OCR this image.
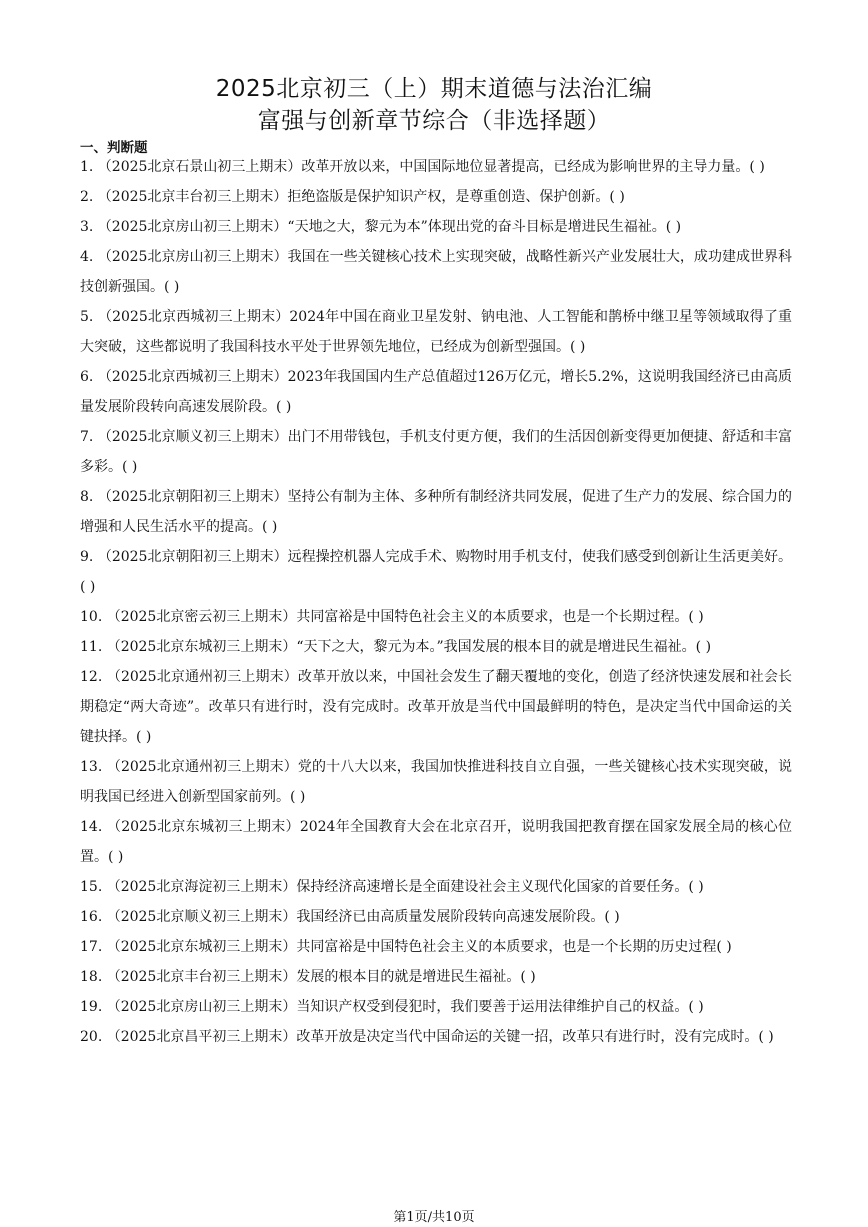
2025北京初三（上）期末道德与法治汇编
富强与创新章节综合（非选择题）
一、判断题
1. （2025北京石景山初三上期末）改革开放以来，中国国际地位显著提高，已经成为影响世界的主导力量。( )
2. （2025北京丰台初三上期末）拒绝盗版是保护知识产权，是尊重创造、保护创新。( )
3. （2025北京房山初三上期末）“天地之大，黎元为本”体现出党的奋斗目标是增进民生福祉。( )
4. （2025北京房山初三上期末）我国在一些关键核心技术上实现突破，战略性新兴产业发展壮大，成功建成世界科技创新强国。( )
5. （2025北京西城初三上期末）2024年中国在商业卫星发射、钠电池、人工智能和鹊桥中继卫星等领域取得了重大突破，这些都说明了我国科技水平处于世界领先地位，已经成为创新型强国。( )
6. （2025北京西城初三上期末）2023年我国国内生产总值超过126万亿元，增长5.2%，这说明我国经济已由高质量发展阶段转向高速发展阶段。( )
7. （2025北京顺义初三上期末）出门不用带钱包，手机支付更方便，我们的生活因创新变得更加便捷、舒适和丰富多彩。( )
8. （2025北京朝阳初三上期末）坚持公有制为主体、多种所有制经济共同发展，促进了生产力的发展、综合国力的增强和人民生活水平的提高。( )
9. （2025北京朝阳初三上期末）远程操控机器人完成手术、购物时用手机支付，使我们感受到创新让生活更美好。( )
10. （2025北京密云初三上期末）共同富裕是中国特色社会主义的本质要求，也是一个长期过程。( )
11. （2025北京东城初三上期末）“天下之大，黎元为本。”我国发展的根本目的就是增进民生福祉。( )
12. （2025北京通州初三上期末）改革开放以来，中国社会发生了翻天覆地的变化，创造了经济快速发展和社会长期稳定“两大奇迹”。改革只有进行时，没有完成时。改革开放是当代中国最鲜明的特色，是决定当代中国命运的关键抉择。( )
13. （2025北京通州初三上期末）党的十八大以来，我国加快推进科技自立自强，一些关键核心技术实现突破，说明我国已经进入创新型国家前列。( )
14. （2025北京东城初三上期末）2024年全国教育大会在北京召开，说明我国把教育摆在国家发展全局的核心位置。( )
15. （2025北京海淀初三上期末）保持经济高速增长是全面建设社会主义现代化国家的首要任务。( )
16. （2025北京顺义初三上期末）我国经济已由高质量发展阶段转向高速发展阶段。( )
17. （2025北京东城初三上期末）共同富裕是中国特色社会主义的本质要求，也是一个长期的历史过程( )
18. （2025北京丰台初三上期末）发展的根本目的就是增进民生福祉。( )
19. （2025北京房山初三上期末）当知识产权受到侵犯时，我们要善于运用法律维护自己的权益。( )
20. （2025北京昌平初三上期末）改革开放是决定当代中国命运的关键一招，改革只有进行时，没有完成时。( )
第1页/共10页
